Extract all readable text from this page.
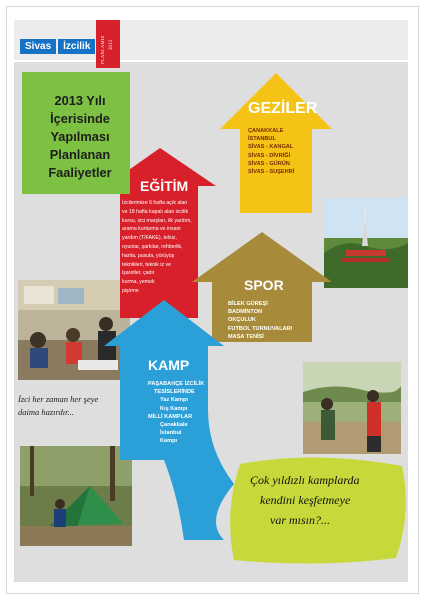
Sivas	İzcilik	PLANLAMIZ 2013
2013 Yılı
İçerisinde
Yapılması
Planlanan
Faaliyetler
GEZİLER
ÇANAKKALE
İSTANBUL
SİVAS - KANGAL
SİVAS - DİVRİĞİ
SİVAS - GÜRÜN
SİVAS - SUŞEHRİ
EĞİTİM
İzcilerimize 6 hafta açık alan
ve 18 hafta kapalı alan izcilik
kursu, izci marşları, ilk yardım,
arama kurtarma ve insani
yardım (TİFAKE), telsiz,
oyunlar, şarkılar, rehberlik,
harita, pusula, yürüyüş
teknikleri, teknik iz ve
işaretler, çadır
kurma, yemek
pişirme	SPOR
BİLEK GÜREŞİ
BADMİNTON
OKÇULUK
FUTBOL TURNUVALARI
MASA TENİSİ
KAMP
PAŞABAHÇE İZCİLİK
TESİSLERİNDE
Yaz Kampı
Kış Kampı
MİLLİ KAMPLAR
Çanakkale
İstanbul
Kampı
İzci her zaman her şeye
daima hazırdır...
Çok yıldızlı kamplarda
kendini keşfetmeye
var mısın?...
